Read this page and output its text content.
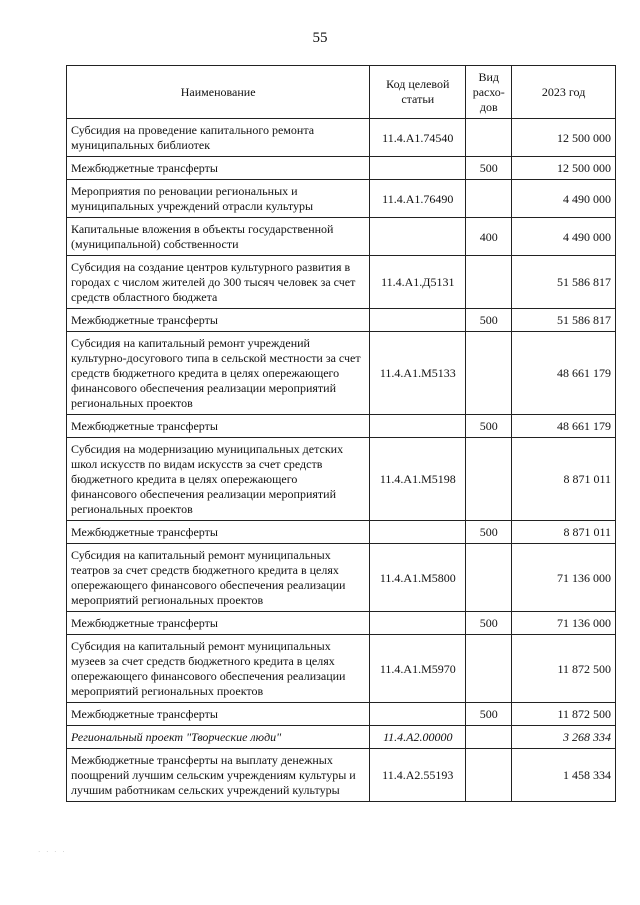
55
Наименование	Код целевой статьи	Вид расхо-дов	2023 год
Субсидия на проведение капитального ремонта муниципальных библиотек	11.4.А1.74540		12 500 000
Межбюджетные трансферты		500	12 500 000
Мероприятия по реновации региональных и муниципальных учреждений отрасли культуры	11.4.А1.76490		4 490 000
Капитальные вложения в объекты государственной (муниципальной) собственности		400	4 490 000
Субсидия на создание центров культурного развития в городах с числом жителей до 300 тысяч человек за счет средств областного бюджета	11.4.А1.Д5131		51 586 817
Межбюджетные трансферты		500	51 586 817
Субсидия на капитальный ремонт учреждений культурно-досугового типа в сельской местности за счет средств бюджетного кредита в целях опережающего финансового обеспечения реализации мероприятий региональных проектов	11.4.А1.М5133		48 661 179
Межбюджетные трансферты		500	48 661 179
Субсидия на модернизацию муниципальных детских школ искусств по видам искусств за счет средств бюджетного кредита в целях опережающего финансового обеспечения реализации мероприятий региональных проектов	11.4.А1.М5198		8 871 011
Межбюджетные трансферты		500	8 871 011
Субсидия на капитальный ремонт муниципальных театров за счет средств бюджетного кредита в целях опережающего финансового обеспечения реализации мероприятий региональных проектов	11.4.А1.М5800		71 136 000
Межбюджетные трансферты		500	71 136 000
Субсидия на капитальный ремонт муниципальных музеев за счет средств бюджетного кредита в целях опережающего финансового обеспечения реализации мероприятий региональных проектов	11.4.А1.М5970		11 872 500
Межбюджетные трансферты		500	11 872 500
Региональный проект "Творческие люди"	11.4.А2.00000		3 268 334
Межбюджетные трансферты на выплату денежных поощрений лучшим сельским учреждениям культуры и лучшим работникам сельских учреждений культуры	11.4.А2.55193		1 458 334
· · · ·
